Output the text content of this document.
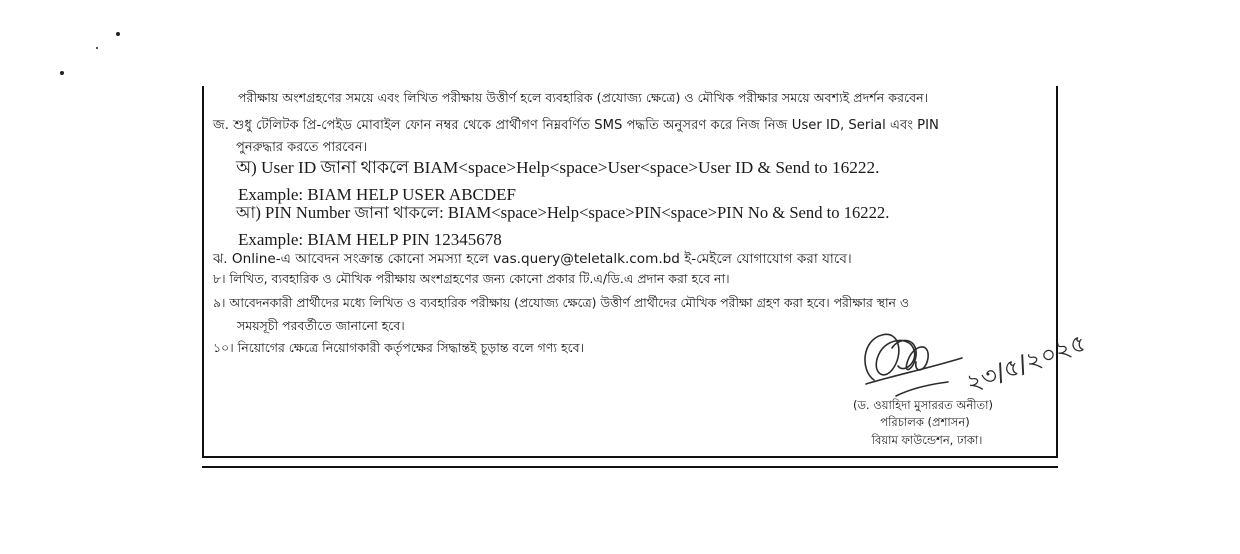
পরীক্ষায় অংশগ্রহণের সময়ে এবং লিখিত পরীক্ষায় উত্তীর্ণ হলে ব্যবহারিক (প্রযোজ্য ক্ষেত্রে) ও মৌখিক পরীক্ষার সময়ে অবশ্যই প্রদর্শন করবেন।
জ. শুধু টেলিটক প্রি-পেইড মোবাইল ফোন নম্বর থেকে প্রার্থীগণ নিম্নবর্ণিত SMS পদ্ধতি অনুসরণ করে নিজ নিজ User ID, Serial এবং PIN
পুনরুদ্ধার করতে পারবেন।
অ) User ID জানা থাকলে BIAM<space>Help<space>User<space>User ID & Send to 16222.
Example: BIAM HELP USER ABCDEF
আ) PIN Number জানা থাকলে: BIAM<space>Help<space>PIN<space>PIN No & Send to 16222.
Example: BIAM HELP PIN 12345678
ঝ. Online-এ আবেদন সংক্রান্ত কোনো সমস্যা হলে vas.query@teletalk.com.bd ই-মেইলে যোগাযোগ করা যাবে।
৮। লিখিত, ব্যবহারিক ও মৌখিক পরীক্ষায় অংশগ্রহণের জন্য কোনো প্রকার টি.এ/ডি.এ প্রদান করা হবে না।
৯। আবেদনকারী প্রার্থীদের মধ্যে লিখিত ও ব্যবহারিক পরীক্ষায় (প্রযোজ্য ক্ষেত্রে) উত্তীর্ণ প্রার্থীদের মৌখিক পরীক্ষা গ্রহণ করা হবে। পরীক্ষার স্থান ও
সময়সূচী পরবর্তীতে জানানো হবে।
১০। নিয়োগের ক্ষেত্রে নিয়োগকারী কর্তৃপক্ষের সিদ্ধান্তই চূড়ান্ত বলে গণ্য হবে।	২৩/৫/২০২৫
(ড. ওয়াহিদা মুসাররত অনীতা)
পরিচালক (প্রশাসন)
বিয়াম ফাউন্ডেশন, ঢাকা।
